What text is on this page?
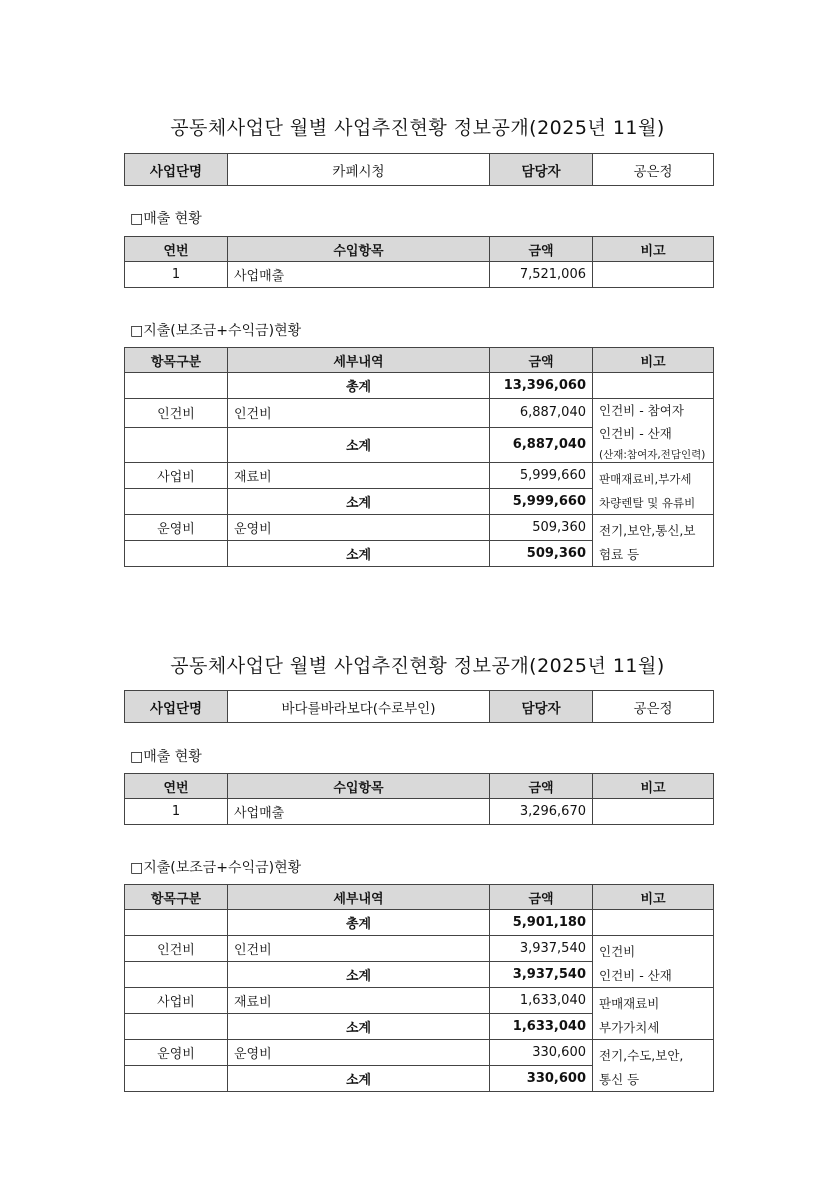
공동체사업단 월별 사업추진현황 정보공개(2025년 11월)
사업단명	카페시청	담당자	공은정
□매출 현황
연번	수입항목	금액	비고
1	사업매출	7,521,006	
□지출(보조금+수익금)현황
항목구분	세부내역	금액	비고
	총계	13,396,060	
인건비	인건비	6,887,040	인건비 - 참여자
인건비 - 산재
(산재:참여자,전담인력)

	소계	6,887,040	
사업비	재료비	5,999,660	판매재료비,부가세
차량렌탈 및 유류비

	소계	5,999,660	
운영비	운영비	509,360	전기,보안,통신,보
험료 등

	소계	509,360	
공동체사업단 월별 사업추진현황 정보공개(2025년 11월)
사업단명	바다를바라보다(수로부인)	담당자	공은정
□매출 현황
연번	수입항목	금액	비고
1	사업매출	3,296,670	
□지출(보조금+수익금)현황
항목구분	세부내역	금액	비고
	총계	5,901,180	
인건비	인건비	3,937,540	인건비
인건비 - 산재

	소계	3,937,540	
사업비	재료비	1,633,040	판매재료비
부가가치세

	소계	1,633,040	
운영비	운영비	330,600	전기,수도,보안,
통신 등

	소계	330,600	
